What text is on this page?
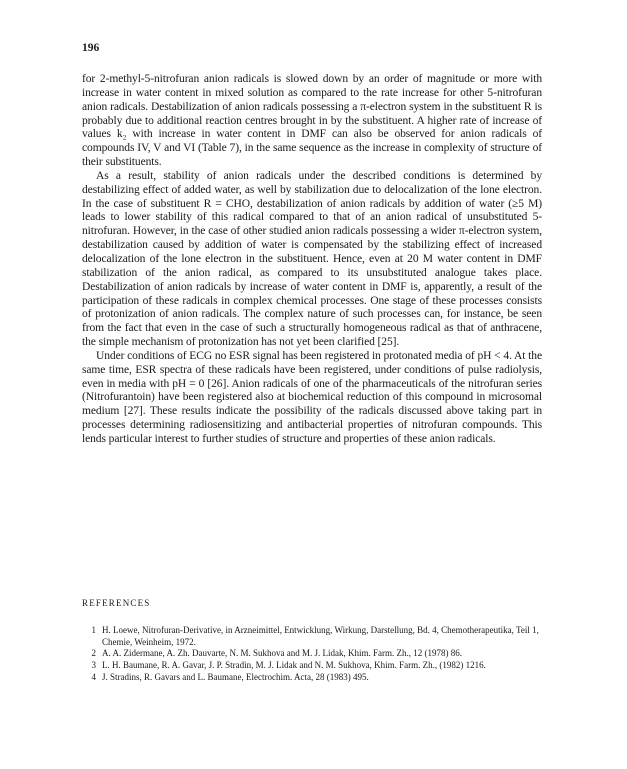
196

for 2-methyl-5-nitrofuran anion radicals is slowed down by an order of magnitude or more with increase in water content in mixed solution as compared to the rate increase for other 5-nitrofuran anion radicals. Destabilization of anion radicals possessing a π-electron system in the substituent R is probably due to additional reaction centres brought in by the substituent. A higher rate of increase of values k₂ with increase in water content in DMF can also be observed for anion radicals of compounds IV, V and VI (Table 7), in the same sequence as the increase in complexity of structure of their substituents.

As a result, stability of anion radicals under the described conditions is determined by destabilizing effect of added water, as well by stabilization due to delocalization of the lone electron. In the case of substituent R = CHO, destabilization of anion radicals by addition of water (≥5 M) leads to lower stability of this radical compared to that of an anion radical of unsubstituted 5-nitrofuran. However, in the case of other studied anion radicals possessing a wider π-electron system, destabilization caused by addition of water is compensated by the stabilizing effect of increased delocalization of the lone electron in the substituent. Hence, even at 20 M water content in DMF stabilization of the anion radical, as compared to its unsubstituted analogue takes place. Destabilization of anion radicals by increase of water content in DMF is, apparently, a result of the participation of these radicals in complex chemical processes. One stage of these processes consists of protonization of anion radicals. The complex nature of such processes can, for instance, be seen from the fact that even in the case of such a structurally homogeneous radical as that of anthracene, the simple mechanism of protonization has not yet been clarified [25].

Under conditions of ECG no ESR signal has been registered in protonated media of pH < 4. At the same time, ESR spectra of these radicals have been registered, under conditions of pulse radiolysis, even in media with pH = 0 [26]. Anion radicals of one of the pharmaceuticals of the nitrofuran series (Nitrofurantoin) have been registered also at biochemical reduction of this compound in microsomal medium [27]. These results indicate the possibility of the radicals discussed above taking part in processes determining radiosensitizing and antibacterial properties of nitrofuran compounds. This lends particular interest to further studies of structure and properties of these anion radicals.

REFERENCES
1 H. Loewe, Nitrofuran-Derivative, in Arzneimittel, Entwicklung, Wirkung, Darstellung, Bd. 4, Chemotherapeutika, Teil 1, Chemie, Weinheim, 1972.
2 A. A. Zidermane, A. Zh. Dauvarte, N. M. Sukhova and M. J. Lidak, Khim. Farm. Zh., 12 (1978) 86.
3 L. H. Baumane, R. A. Gavar, J. P. Stradin, M. J. Lidak and N. M. Sukhova, Khim. Farm. Zh., (1982) 1216.
4 J. Stradins, R. Gavars and L. Baumane, Electrochim. Acta, 28 (1983) 495.
